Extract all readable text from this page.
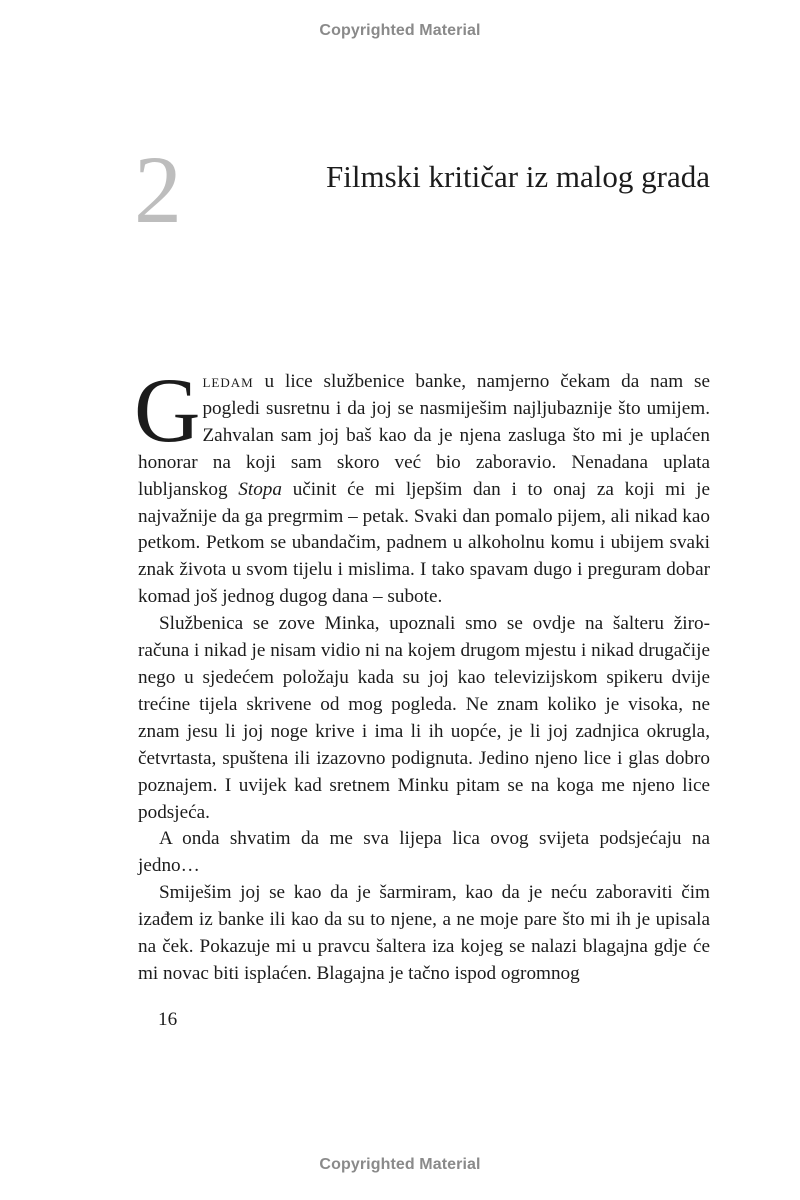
Copyrighted Material
2	Filmski kritičar iz malog grada

Gledam u lice službenice banke, namjerno čekam da nam se pogledi susretnu i da joj se nasmiješim najljubaznije što umijem. Zahvalan sam joj baš kao da je njena zasluga što mi je uplaćen honorar na koji sam skoro već bio zaboravio. Nenadana uplata lubljanskog Stopa učinit će mi ljepšim dan i to onaj za koji mi je najvažnije da ga pregrmim – petak. Svaki dan pomalo pijem, ali nikad kao petkom. Petkom se ubandačim, padnem u alkoholnu komu i ubijem svaki znak života u svom tijelu i mislima. I tako spavam dugo i preguram dobar komad još jednog dugog dana – subote.

Službenica se zove Minka, upoznali smo se ovdje na šalteru žiro-računa i nikad je nisam vidio ni na kojem drugom mjestu i nikad drugačije nego u sjedećem položaju kada su joj kao televizijskom spikeru dvije trećine tijela skrivene od mog pogleda. Ne znam koliko je visoka, ne znam jesu li joj noge krive i ima li ih uopće, je li joj zadnjica okrugla, četvrtasta, spuštena ili izazovno podignuta. Jedino njeno lice i glas dobro poznajem. I uvijek kad sretnem Minku pitam se na koga me njeno lice podsjeća.

A onda shvatim da me sva lijepa lica ovog svijeta podsjećaju na jedno…

Smiješim joj se kao da je šarmiram, kao da je neću zaboraviti čim izađem iz banke ili kao da su to njene, a ne moje pare što mi ih je upisala na ček. Pokazuje mi u pravcu šaltera iza kojeg se nalazi blagajna gdje će mi novac biti isplaćen. Blagajna je tačno ispod ogromnog

16
Copyrighted Material
